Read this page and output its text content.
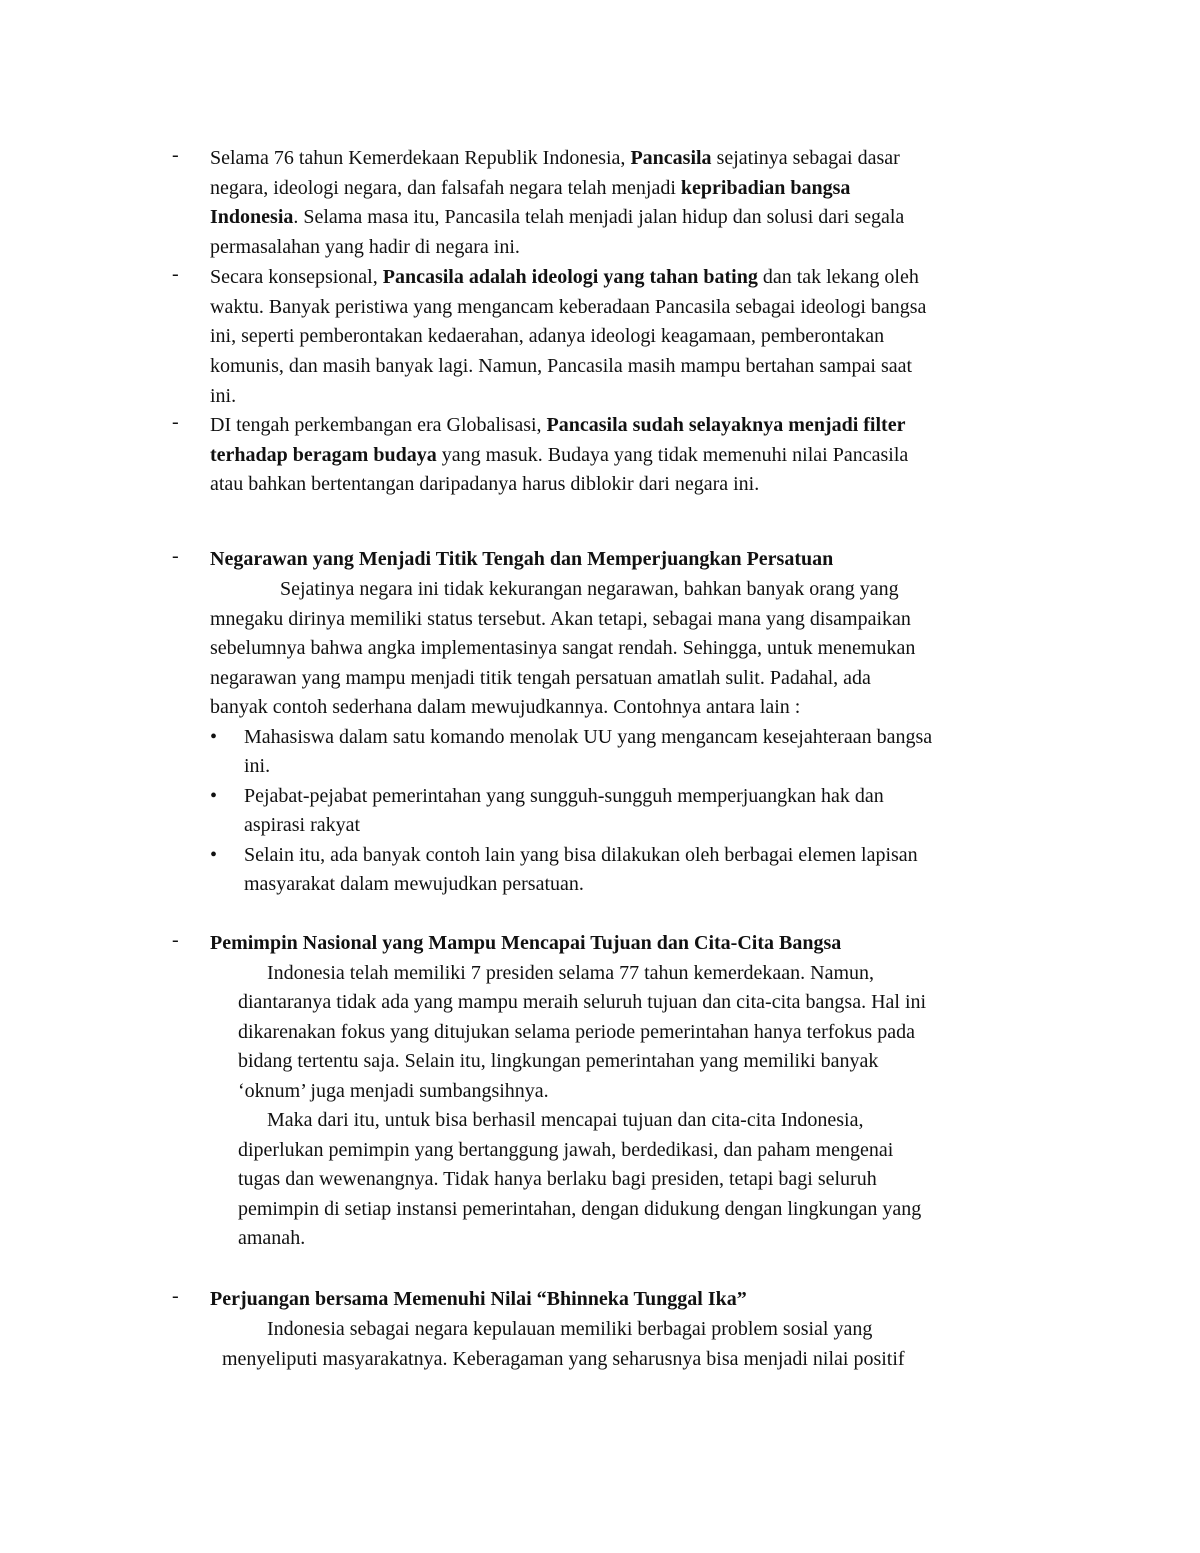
-	Selama 76 tahun Kemerdekaan Republik Indonesia, Pancasila sejatinya sebagai dasar
negara, ideologi negara, dan falsafah negara telah menjadi kepribadian bangsa
Indonesia. Selama masa itu, Pancasila telah menjadi jalan hidup dan solusi dari segala
permasalahan yang hadir di negara ini.
-	Secara konsepsional, Pancasila adalah ideologi yang tahan bating dan tak lekang oleh
waktu. Banyak peristiwa yang mengancam keberadaan Pancasila sebagai ideologi bangsa
ini, seperti pemberontakan kedaerahan, adanya ideologi keagamaan, pemberontakan
komunis, dan masih banyak lagi. Namun, Pancasila masih mampu bertahan sampai saat
ini.
-	DI tengah perkembangan era Globalisasi, Pancasila sudah selayaknya menjadi filter
terhadap beragam budaya yang masuk. Budaya yang tidak memenuhi nilai Pancasila
atau bahkan bertentangan daripadanya harus diblokir dari negara ini.
-	Negarawan yang Menjadi Titik Tengah dan Memperjuangkan Persatuan
Sejatinya negara ini tidak kekurangan negarawan, bahkan banyak orang yang
mnegaku dirinya memiliki status tersebut. Akan tetapi, sebagai mana yang disampaikan
sebelumnya bahwa angka implementasinya sangat rendah. Sehingga, untuk menemukan
negarawan yang mampu menjadi titik tengah persatuan amatlah sulit. Padahal, ada
banyak contoh sederhana dalam mewujudkannya. Contohnya antara lain :
•	Mahasiswa dalam satu komando menolak UU yang mengancam kesejahteraan bangsa
ini.
•	Pejabat-pejabat pemerintahan yang sungguh-sungguh memperjuangkan hak dan
aspirasi rakyat
•	Selain itu, ada banyak contoh lain yang bisa dilakukan oleh berbagai elemen lapisan
masyarakat dalam mewujudkan persatuan.
-	Pemimpin Nasional yang Mampu Mencapai Tujuan dan Cita-Cita Bangsa
Indonesia telah memiliki 7 presiden selama 77 tahun kemerdekaan. Namun,
diantaranya tidak ada yang mampu meraih seluruh tujuan dan cita-cita bangsa. Hal ini
dikarenakan fokus yang ditujukan selama periode pemerintahan hanya terfokus pada
bidang tertentu saja. Selain itu, lingkungan pemerintahan yang memiliki banyak
‘oknum’ juga menjadi sumbangsihnya.
Maka dari itu, untuk bisa berhasil mencapai tujuan dan cita-cita Indonesia,
diperlukan pemimpin yang bertanggung jawah, berdedikasi, dan paham mengenai
tugas dan wewenangnya. Tidak hanya berlaku bagi presiden, tetapi bagi seluruh
pemimpin di setiap instansi pemerintahan, dengan didukung dengan lingkungan yang
amanah.
-	Perjuangan bersama Memenuhi Nilai “Bhinneka Tunggal Ika”
Indonesia sebagai negara kepulauan memiliki berbagai problem sosial yang
menyeliputi masyarakatnya. Keberagaman yang seharusnya bisa menjadi nilai positif
